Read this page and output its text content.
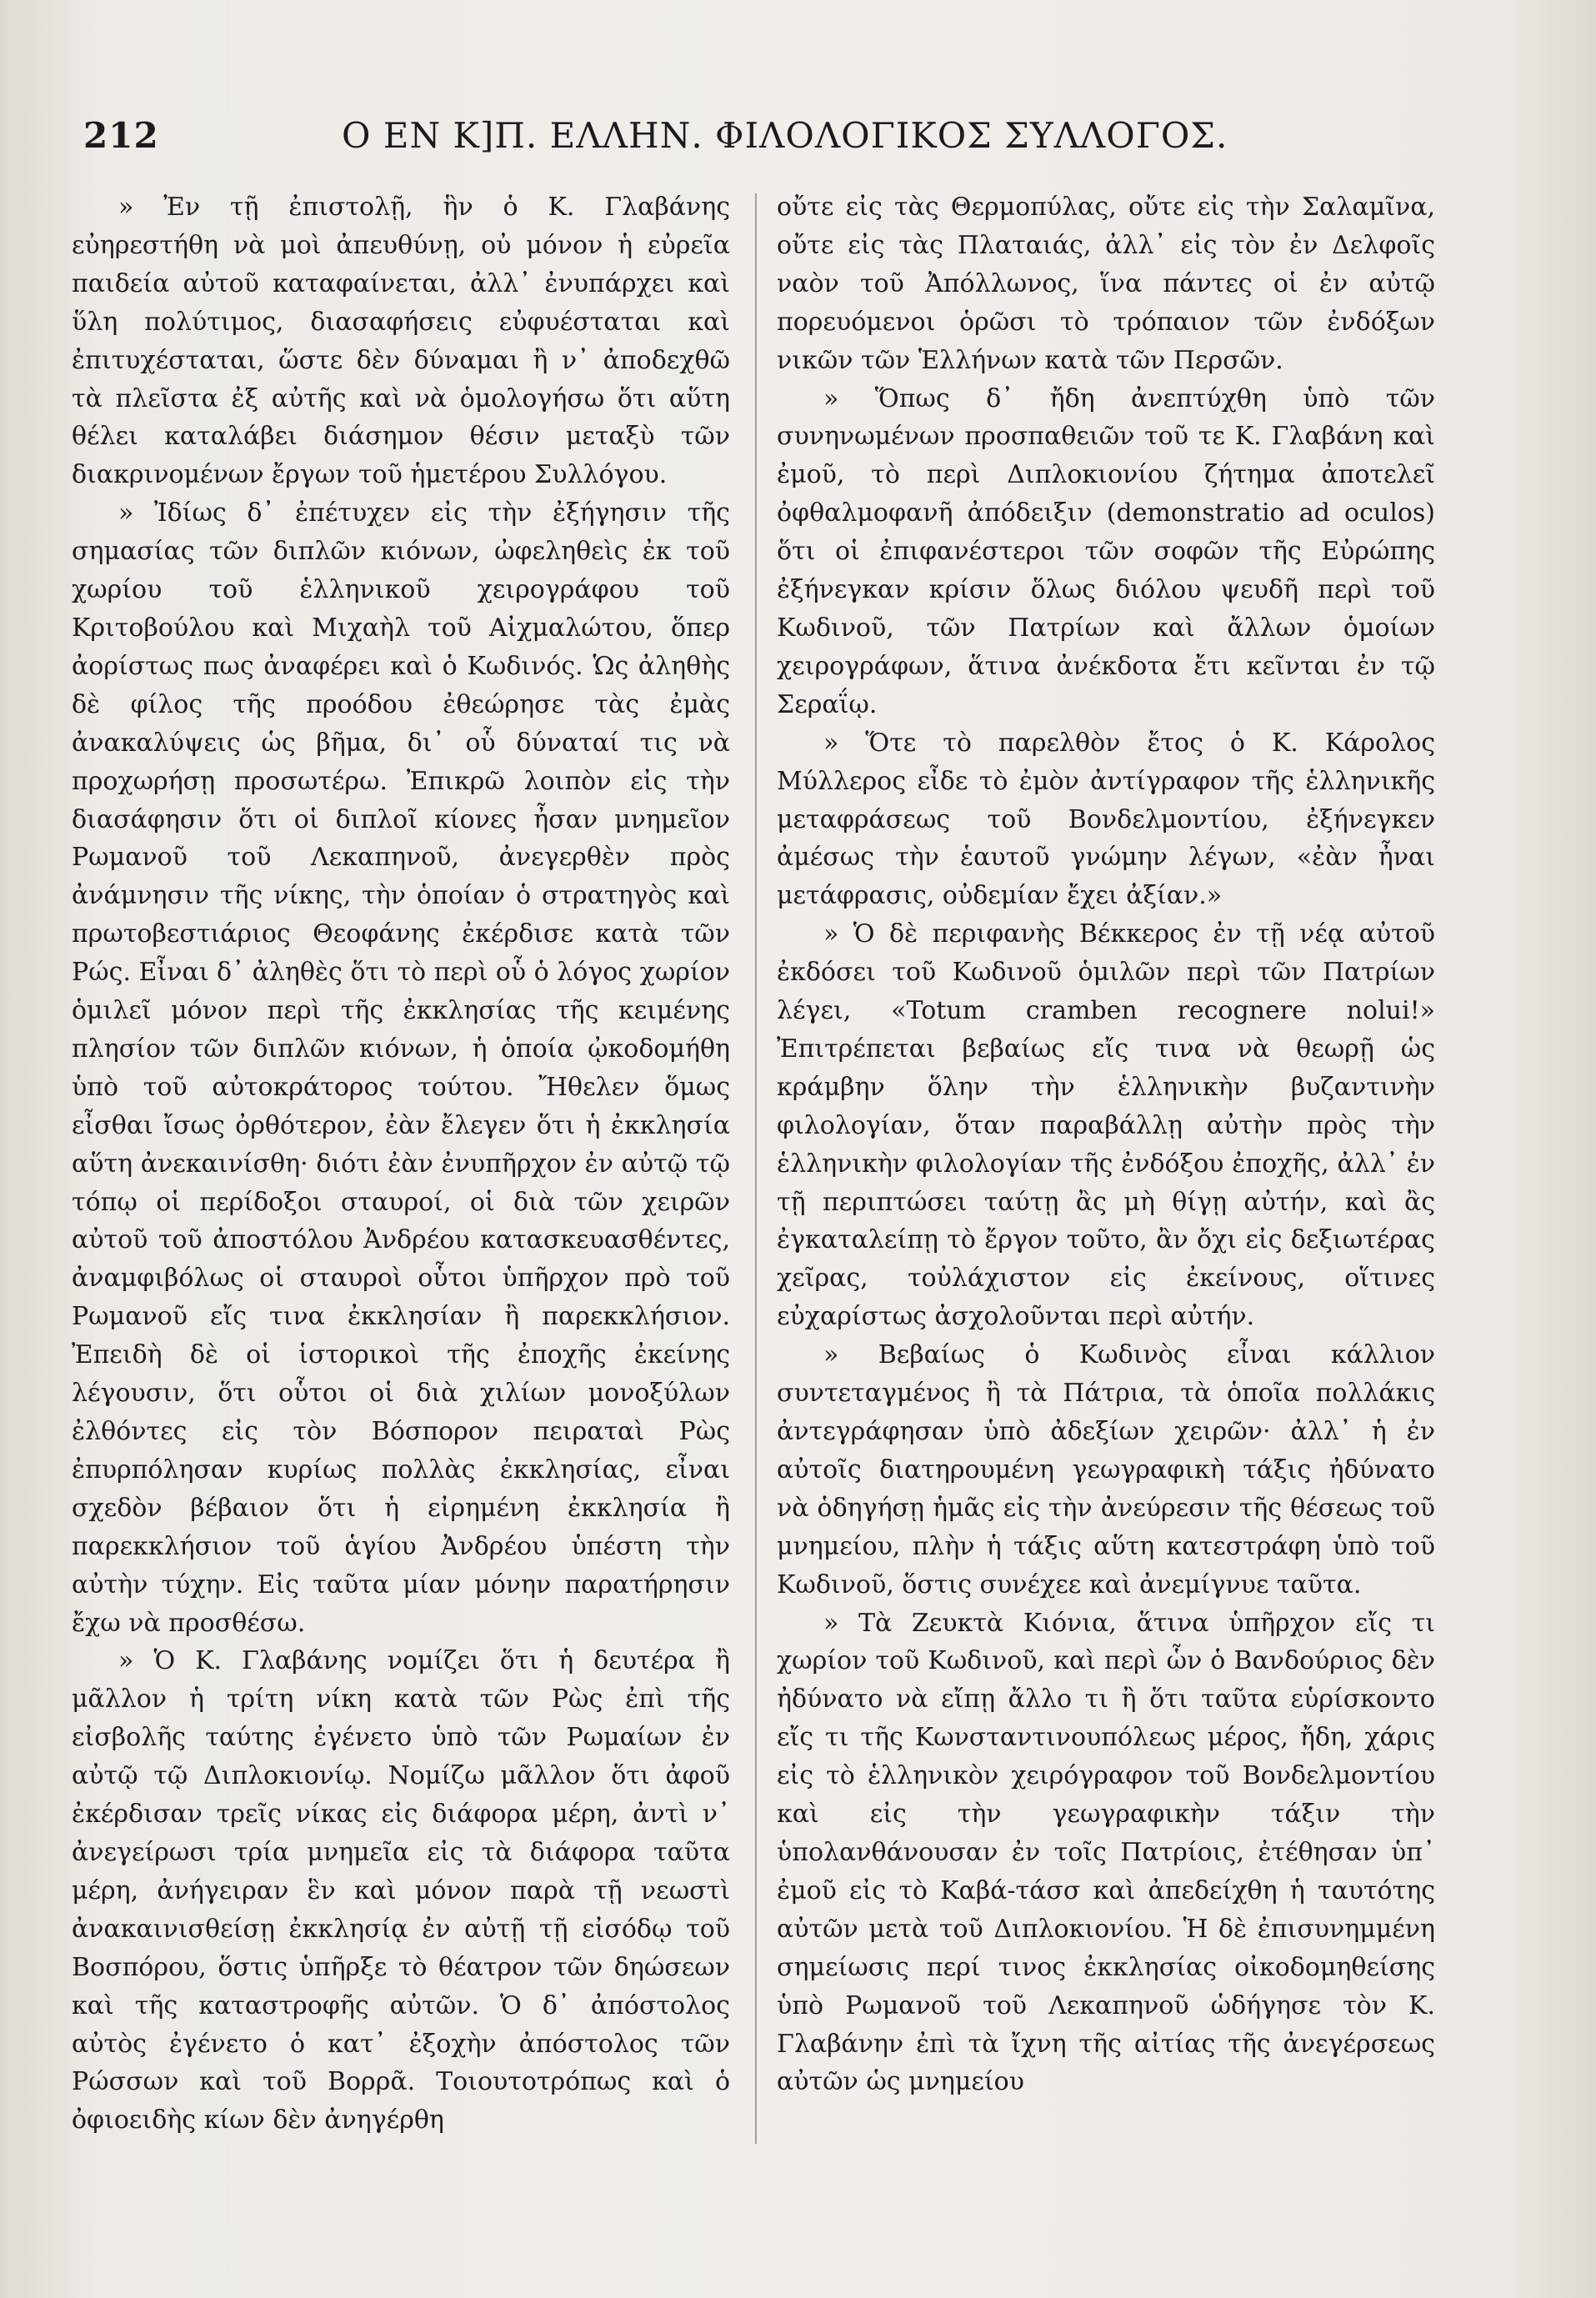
212	Ο ΕΝ Κ]Π. ΕΛΛΗΝ. ΦΙΛΟΛΟΓΙΚΟΣ ΣΥΛΛΟΓΟΣ.

» Ἐν τῇ ἐπιστολῇ, ἣν ὁ Κ. Γλαβάνης εὐηρεστήθη νὰ μοὶ ἀπευθύνῃ, οὐ μόνον ἡ εὐρεῖα παιδεία αὐτοῦ καταφαίνεται, ἀλλ᾽ ἐνυπάρχει καὶ ὕλη πολύτιμος, διασαφήσεις εὐφυέσταται καὶ ἐπιτυχέσταται, ὥστε δὲν δύναμαι ἢ ν᾽ ἀποδεχθῶ τὰ πλεῖστα ἐξ αὐτῆς καὶ νὰ ὁμολογήσω ὅτι αὕτη θέλει καταλάβει διάσημον θέσιν μεταξὺ τῶν διακρινομένων ἔργων τοῦ ἡμετέρου Συλλόγου.

» Ἰδίως δ᾽ ἐπέτυχεν εἰς τὴν ἐξήγησιν τῆς σημασίας τῶν διπλῶν κιόνων, ὠφεληθεὶς ἐκ τοῦ χωρίου τοῦ ἑλληνικοῦ χειρογράφου τοῦ Κριτοβούλου καὶ Μιχαὴλ τοῦ Αἰχμαλώτου, ὅπερ ἀορίστως πως ἀναφέρει καὶ ὁ Κωδινός. Ὡς ἀληθὴς δὲ φίλος τῆς προόδου ἐθεώρησε τὰς ἐμὰς ἀνακαλύψεις ὡς βῆμα, δι᾽ οὗ δύναταί τις νὰ προχωρήσῃ προσωτέρω. Ἐπικρῶ λοιπὸν εἰς τὴν διασάφησιν ὅτι οἱ διπλοῖ κίονες ἦσαν μνημεῖον Ρωμανοῦ τοῦ Λεκαπηνοῦ, ἀνεγερθὲν πρὸς ἀνάμνησιν τῆς νίκης, τὴν ὁποίαν ὁ στρατηγὸς καὶ πρωτοβεστιάριος Θεοφάνης ἐκέρδισε κατὰ τῶν Ρώς. Εἶναι δ᾽ ἀληθὲς ὅτι τὸ περὶ οὗ ὁ λόγος χωρίον ὁμιλεῖ μόνον περὶ τῆς ἐκκλησίας τῆς κειμένης πλησίον τῶν διπλῶν κιόνων, ἡ ὁποία ᾠκοδομήθη ὑπὸ τοῦ αὐτοκράτορος τούτου. Ἤθελεν ὅμως εἶσθαι ἴσως ὀρθότερον, ἐὰν ἔλεγεν ὅτι ἡ ἐκκλησία αὕτη ἀνεκαινίσθη· διότι ἐὰν ἐνυπῆρχον ἐν αὐτῷ τῷ τόπῳ οἱ περίδοξοι σταυροί, οἱ διὰ τῶν χειρῶν αὐτοῦ τοῦ ἀποστόλου Ἀνδρέου κατασκευασθέντες, ἀναμφιβόλως οἱ σταυροὶ οὗτοι ὑπῆρχον πρὸ τοῦ Ρωμανοῦ εἴς τινα ἐκκλησίαν ἢ παρεκκλήσιον. Ἐπειδὴ δὲ οἱ ἱστορικοὶ τῆς ἐποχῆς ἐκείνης λέγουσιν, ὅτι οὗτοι οἱ διὰ χιλίων μονοξύλων ἐλθόντες εἰς τὸν Βόσπορον πειραταὶ Ρὼς ἐπυρπόλησαν κυρίως πολλὰς ἐκκλησίας, εἶναι σχεδὸν βέβαιον ὅτι ἡ εἰρημένη ἐκκλησία ἢ παρεκκλήσιον τοῦ ἁγίου Ἀνδρέου ὑπέστη τὴν αὐτὴν τύχην. Εἰς ταῦτα μίαν μόνην παρατήρησιν ἔχω νὰ προσθέσω.

» Ὁ Κ. Γλαβάνης νομίζει ὅτι ἡ δευτέρα ἢ μᾶλλον ἡ τρίτη νίκη κατὰ τῶν Ρὼς ἐπὶ τῆς εἰσβολῆς ταύτης ἐγένετο ὑπὸ τῶν Ρωμαίων ἐν αὐτῷ τῷ Διπλοκιονίῳ. Νομίζω μᾶλλον ὅτι ἀφοῦ ἐκέρδισαν τρεῖς νίκας εἰς διάφορα μέρη, ἀντὶ ν᾽ ἀνεγείρωσι τρία μνημεῖα εἰς τὰ διάφορα ταῦτα μέρη, ἀνήγειραν ἓν καὶ μόνον παρὰ τῇ νεωστὶ ἀνακαινισθείσῃ ἐκκλησίᾳ ἐν αὐτῇ τῇ εἰσόδῳ τοῦ Βοσπόρου, ὅστις ὑπῆρξε τὸ θέατρον τῶν δηώσεων καὶ τῆς καταστροφῆς αὐτῶν. Ὁ δ᾽ ἀπόστολος αὐτὸς ἐγένετο ὁ κατ᾽ ἐξοχὴν ἀπόστολος τῶν Ρώσσων καὶ τοῦ Βορρᾶ. Τοιουτοτρόπως καὶ ὁ ὀφιοειδὴς κίων δὲν ἀνηγέρθη

οὔτε εἰς τὰς Θερμοπύλας, οὔτε εἰς τὴν Σαλαμῖνα, οὔτε εἰς τὰς Πλαταιάς, ἀλλ᾽ εἰς τὸν ἐν Δελφοῖς ναὸν τοῦ Ἀπόλλωνος, ἵνα πάντες οἱ ἐν αὐτῷ πορευόμενοι ὁρῶσι τὸ τρόπαιον τῶν ἐνδόξων νικῶν τῶν Ἑλλήνων κατὰ τῶν Περσῶν.

» Ὅπως δ᾽ ἤδη ἀνεπτύχθη ὑπὸ τῶν συνηνωμένων προσπαθειῶν τοῦ τε Κ. Γλαβάνη καὶ ἐμοῦ, τὸ περὶ Διπλοκιονίου ζήτημα ἀποτελεῖ ὀφθαλμοφανῆ ἀπόδειξιν (demonstratio ad oculos) ὅτι οἱ ἐπιφανέστεροι τῶν σοφῶν τῆς Εὐρώπης ἐξήνεγκαν κρίσιν ὅλως διόλου ψευδῆ περὶ τοῦ Κωδινοῦ, τῶν Πατρίων καὶ ἄλλων ὁμοίων χειρογράφων, ἅτινα ἀνέκδοτα ἔτι κεῖνται ἐν τῷ Σεραΐῳ.

» Ὅτε τὸ παρελθὸν ἔτος ὁ Κ. Κάρολος Μύλλερος εἶδε τὸ ἐμὸν ἀντίγραφον τῆς ἑλληνικῆς μεταφράσεως τοῦ Βονδελμοντίου, ἐξήνεγκεν ἀμέσως τὴν ἑαυτοῦ γνώμην λέγων, «ἐὰν ἦναι μετάφρασις, οὐδεμίαν ἔχει ἀξίαν.»

» Ὁ δὲ περιφανὴς Βέκκερος ἐν τῇ νέᾳ αὐτοῦ ἐκδόσει τοῦ Κωδινοῦ ὁμιλῶν περὶ τῶν Πατρίων λέγει, «Totum cramben recognere nolui!» Ἐπιτρέπεται βεβαίως εἴς τινα νὰ θεωρῇ ὡς κράμβην ὅλην τὴν ἑλληνικὴν βυζαντινὴν φιλολογίαν, ὅταν παραβάλλῃ αὐτὴν πρὸς τὴν ἑλληνικὴν φιλολογίαν τῆς ἐνδόξου ἐποχῆς, ἀλλ᾽ ἐν τῇ περιπτώσει ταύτῃ ἂς μὴ θίγῃ αὐτήν, καὶ ἂς ἐγκαταλείπῃ τὸ ἔργον τοῦτο, ἂν ὄχι εἰς δεξιωτέρας χεῖρας, τοὐλάχιστον εἰς ἐκείνους, οἵτινες εὐχαρίστως ἀσχολοῦνται περὶ αὐτήν.

» Βεβαίως ὁ Κωδινὸς εἶναι κάλλιον συντεταγμένος ἢ τὰ Πάτρια, τὰ ὁποῖα πολλάκις ἀντεγράφησαν ὑπὸ ἀδεξίων χειρῶν· ἀλλ᾽ ἡ ἐν αὐτοῖς διατηρουμένη γεωγραφικὴ τάξις ἠδύνατο νὰ ὁδηγήσῃ ἡμᾶς εἰς τὴν ἀνεύρεσιν τῆς θέσεως τοῦ μνημείου, πλὴν ἡ τάξις αὕτη κατεστράφη ὑπὸ τοῦ Κωδινοῦ, ὅστις συνέχεε καὶ ἀνεμίγνυε ταῦτα.

» Τὰ Ζευκτὰ Κιόνια, ἅτινα ὑπῆρχον εἴς τι χωρίον τοῦ Κωδινοῦ, καὶ περὶ ὧν ὁ Βανδούριος δὲν ἠδύνατο νὰ εἴπῃ ἄλλο τι ἢ ὅτι ταῦτα εὑρίσκοντο εἴς τι τῆς Κωνσταντινουπόλεως μέρος, ἤδη, χάρις εἰς τὸ ἑλληνικὸν χειρόγραφον τοῦ Βονδελμοντίου καὶ εἰς τὴν γεωγραφικὴν τάξιν τὴν ὑπολανθάνουσαν ἐν τοῖς Πατρίοις, ἐτέθησαν ὑπ᾽ ἐμοῦ εἰς τὸ Καβά-τάσσ καὶ ἀπεδείχθη ἡ ταυτότης αὐτῶν μετὰ τοῦ Διπλοκιονίου. Ἡ δὲ ἐπισυνημμένη σημείωσις περί τινος ἐκκλησίας οἰκοδομηθείσης ὑπὸ Ρωμανοῦ τοῦ Λεκαπηνοῦ ὡδήγησε τὸν Κ. Γλαβάνην ἐπὶ τὰ ἴχνη τῆς αἰτίας τῆς ἀνεγέρσεως αὐτῶν ὡς μνημείου
